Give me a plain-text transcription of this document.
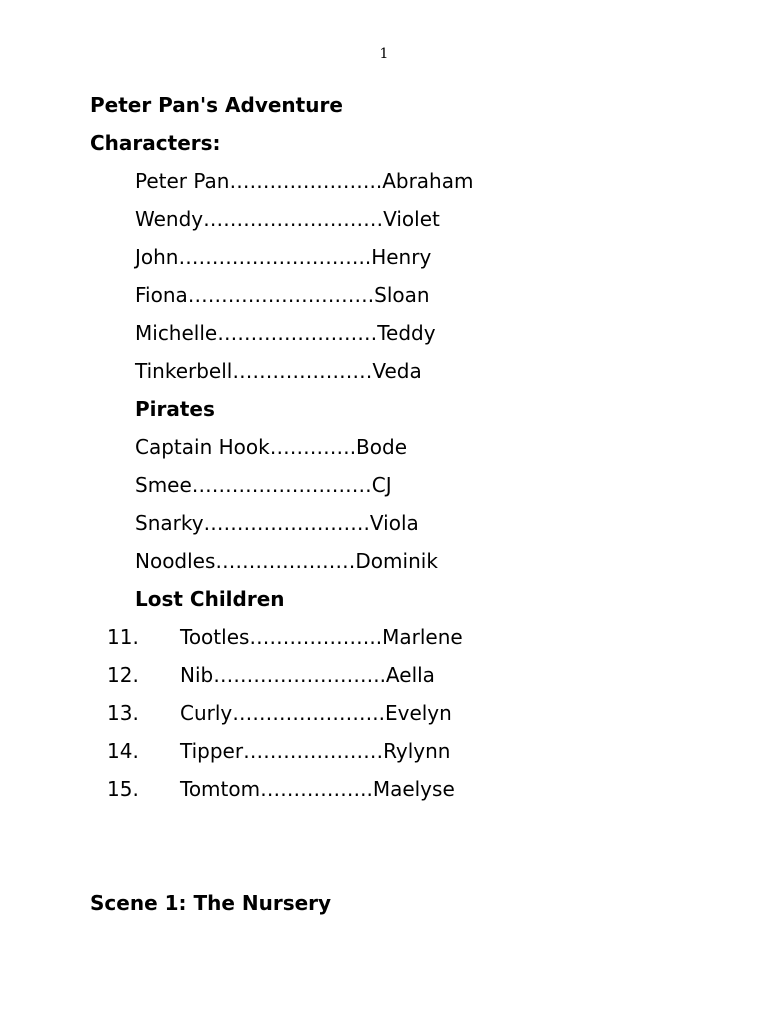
1
Peter Pan's Adventure
Characters:
Peter Pan…………………..Abraham
Wendy………………………Violet
John………………………..Henry
Fiona……………………….Sloan
Michelle……………………Teddy
Tinkerbell…………………Veda
Pirates
Captain Hook………….Bode
Smee………………………CJ
Snarky…………………….Viola
Noodles…………………Dominik
Lost Children
11. Tootles………………..Marlene
12. Nib……………………..Aella
13. Curly…………………..Evelyn
14. Tipper…………………Rylynn
15. Tomtom……………..Maelyse
Scene 1: The Nursery
